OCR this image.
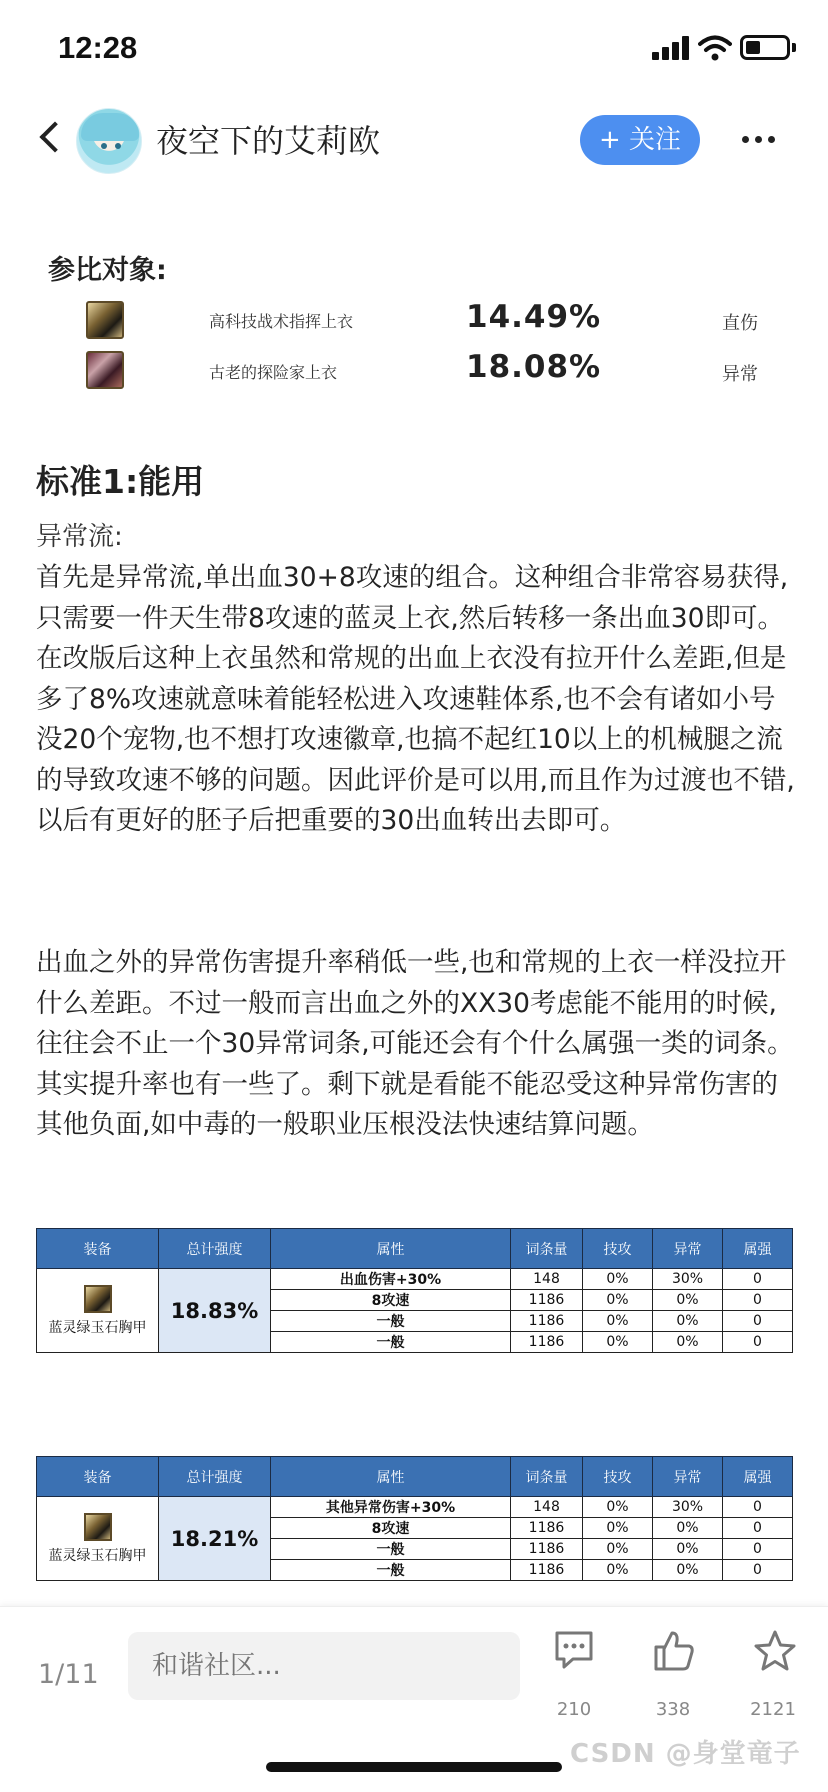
12:28
夜空下的艾莉欧	+ 关注
参比对象:
高科技战术指挥上衣	14.49%	直伤
古老的探险家上衣	18.08%	异常
标准1:能用
异常流:
首先是异常流,单出血30+8攻速的组合。这种组合非常容易获得,只需要一件天生带8攻速的蓝灵上衣,然后转移一条出血30即可。在改版后这种上衣虽然和常规的出血上衣没有拉开什么差距,但是多了8%攻速就意味着能轻松进入攻速鞋体系,也不会有诸如小号没20个宠物,也不想打攻速徽章,也搞不起红10以上的机械腿之流的导致攻速不够的问题。因此评价是可以用,而且作为过渡也不错,以后有更好的胚子后把重要的30出血转出去即可。
出血之外的异常伤害提升率稍低一些,也和常规的上衣一样没拉开什么差距。不过一般而言出血之外的XX30考虑能不能用的时候,往往会不止一个30异常词条,可能还会有个什么属强一类的词条。其实提升率也有一些了。剩下就是看能不能忍受这种异常伤害的其他负面,如中毒的一般职业压根没法快速结算问题。
装备	总计强度	属性	词条量	技攻	异常	属强

蓝灵绿玉石胸甲	18.83%	出血伤害+30%	148	0%	30%	0
		8攻速	1186	0%	0%	0
		一般	1186	0%	0%	0
		一般	1186	0%	0%	0
装备	总计强度	属性	词条量	技攻	异常	属强

蓝灵绿玉石胸甲	18.21%	其他异常伤害+30%	148	0%	30%	0
		8攻速	1186	0%	0%	0
		一般	1186	0%	0%	0
		一般	1186	0%	0%	0
1/11
和谐社区...
210	338	2121
CSDN @身堂竜子
